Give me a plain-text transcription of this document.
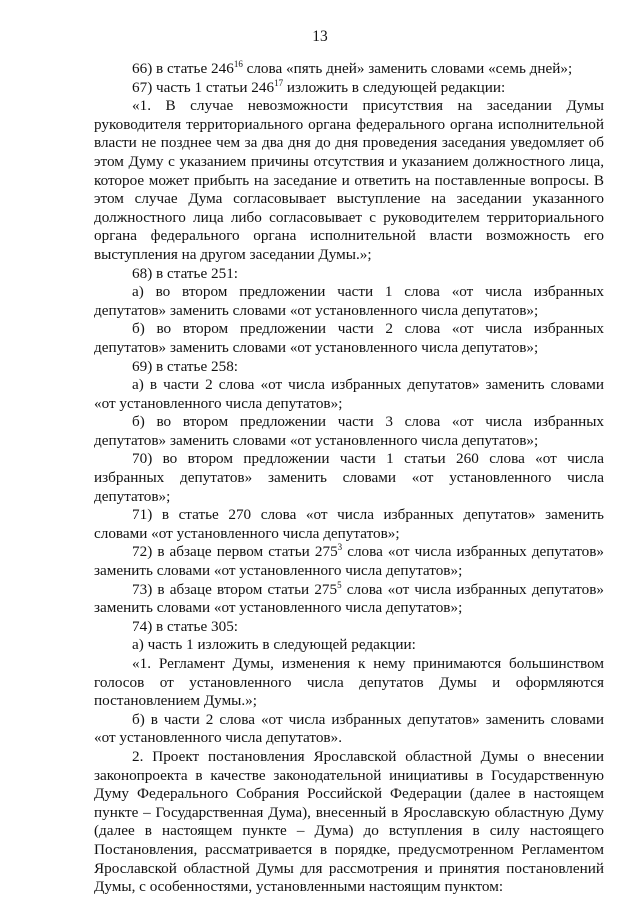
13

66) в статье $246^{16}$ слова «пять дней» заменить словами «семь дней»;

67) часть 1 статьи $246^{17}$ изложить в следующей редакции:

«1. В случае невозможности присутствия на заседании Думы руководителя территориального органа федерального органа исполнительной власти не позднее чем за два дня до дня проведения заседания уведомляет об этом Думу с указанием причины отсутствия и указанием должностного лица, которое может прибыть на заседание и ответить на поставленные вопросы. В этом случае Дума согласовывает выступление на заседании указанного должностного лица либо согласовывает с руководителем территориального органа федерального органа исполнительной власти возможность его выступления на другом заседании Думы.»;

68) в статье 251:

а) во втором предложении части 1 слова «от числа избранных депутатов» заменить словами «от установленного числа депутатов»;

б) во втором предложении части 2 слова «от числа избранных депутатов» заменить словами «от установленного числа депутатов»;

69) в статье 258:

а) в части 2 слова «от числа избранных депутатов» заменить словами «от установленного числа депутатов»;

б) во втором предложении части 3 слова «от числа избранных депутатов» заменить словами «от установленного числа депутатов»;

70) во втором предложении части 1 статьи 260 слова «от числа избранных депутатов» заменить словами «от установленного числа депутатов»;

71) в статье 270 слова «от числа избранных депутатов» заменить словами «от установленного числа депутатов»;

72) в абзаце первом статьи $275^3$ слова «от числа избранных депутатов» заменить словами «от установленного числа депутатов»;

73) в абзаце втором статьи $275^5$ слова «от числа избранных депутатов» заменить словами «от установленного числа депутатов»;

74) в статье 305:

а) часть 1 изложить в следующей редакции:

«1. Регламент Думы, изменения к нему принимаются большинством голосов от установленного числа депутатов Думы и оформляются постановлением Думы.»;

б) в части 2 слова «от числа избранных депутатов» заменить словами «от установленного числа депутатов».

2. Проект постановления Ярославской областной Думы о внесении законопроекта в качестве законодательной инициативы в Государственную Думу Федерального Собрания Российской Федерации (далее в настоящем пункте – Государственная Дума), внесенный в Ярославскую областную Думу (далее в настоящем пункте – Дума) до вступления в силу настоящего Постановления, рассматривается в порядке, предусмотренном Регламентом Ярославской областной Думы для рассмотрения и принятия постановлений Думы, с особенностями, установленными настоящим пунктом:
